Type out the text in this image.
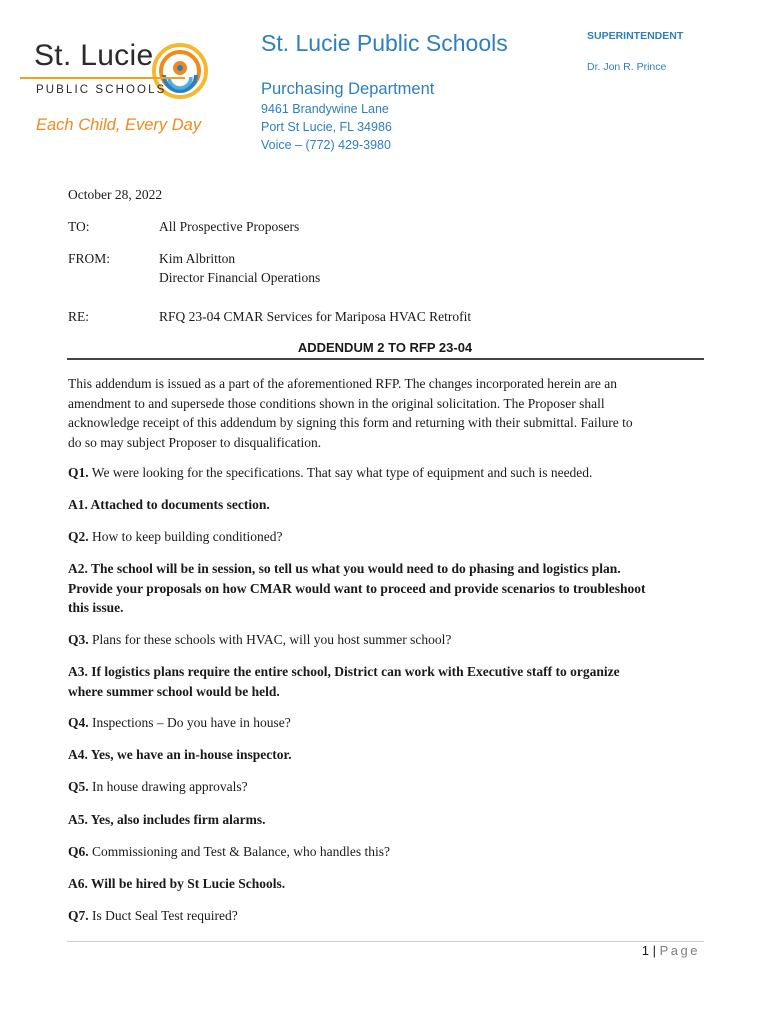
St. Lucie
PUBLIC SCHOOLS
Each Child, Every Day
St. Lucie Public Schools
Purchasing Department
9461 Brandywine Lane
Port St Lucie, FL 34986
Voice – (772) 429-3980
SUPERINTENDENT
Dr. Jon R. Prince
October 28, 2022
TO:	All Prospective Proposers
FROM:	Kim Albritton
Director Financial Operations
RE:	RFQ 23-04 CMAR Services for Mariposa HVAC Retrofit
ADDENDUM 2 TO RFP 23-04

This addendum is issued as a part of the aforementioned RFP. The changes incorporated herein are an

amendment to and supersede those conditions shown in the original solicitation. The Proposer shall

acknowledge receipt of this addendum by signing this form and returning with their submittal. Failure to

do so may subject Proposer to disqualification.

Q1. We were looking for the specifications. That say what type of equipment and such is needed.

A1. Attached to documents section.

Q2. How to keep building conditioned?

A2. The school will be in session, so tell us what you would need to do phasing and logistics plan.

Provide your proposals on how CMAR would want to proceed and provide scenarios to troubleshoot

this issue.

Q3. Plans for these schools with HVAC, will you host summer school?

A3. If logistics plans require the entire school, District can work with Executive staff to organize

where summer school would be held.

Q4. Inspections – Do you have in house?

A4. Yes, we have an in-house inspector.

Q5. In house drawing approvals?

A5. Yes, also includes firm alarms.

Q6. Commissioning and Test & Balance, who handles this?

A6. Will be hired by St Lucie Schools.

Q7. Is Duct Seal Test required?

1 | Page
